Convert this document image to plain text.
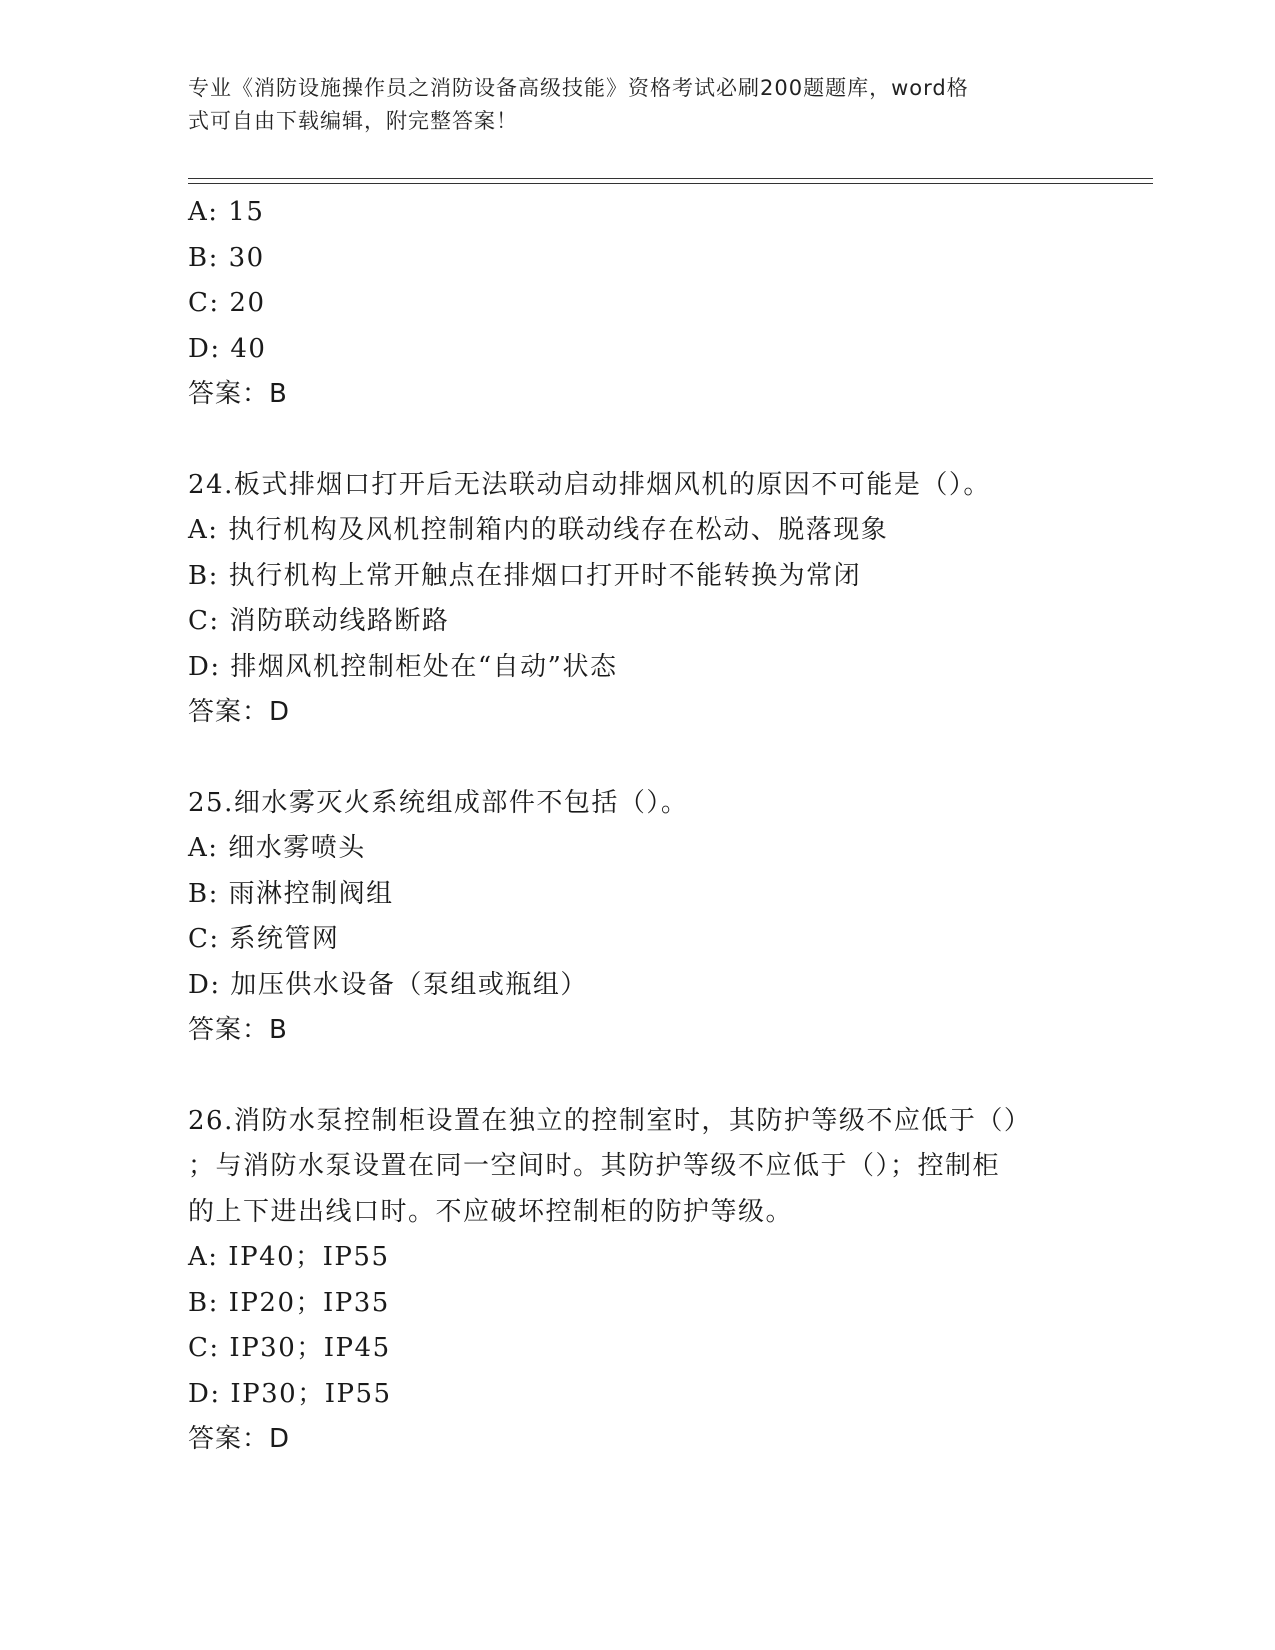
专业《消防设施操作员之消防设备高级技能》资格考试必刷200题题库，word格
式可自由下载编辑，附完整答案！
A: 15
B: 30
C: 20
D: 40
答案：B
24.板式排烟口打开后无法联动启动排烟风机的原因不可能是（）。
A: 执行机构及风机控制箱内的联动线存在松动、脱落现象
B: 执行机构上常开触点在排烟口打开时不能转换为常闭
C: 消防联动线路断路
D: 排烟风机控制柜处在“自动”状态
答案：D
25.细水雾灭火系统组成部件不包括（）。
A: 细水雾喷头
B: 雨淋控制阀组
C: 系统管网
D: 加压供水设备（泵组或瓶组）
答案：B
26.消防水泵控制柜设置在独立的控制室时，其防护等级不应低于（）
；与消防水泵设置在同一空间时。其防护等级不应低于（）；控制柜
的上下进出线口时。不应破坏控制柜的防护等级。
A: IP40；IP55
B: IP20；IP35
C: IP30；IP45
D: IP30；IP55
答案：D
